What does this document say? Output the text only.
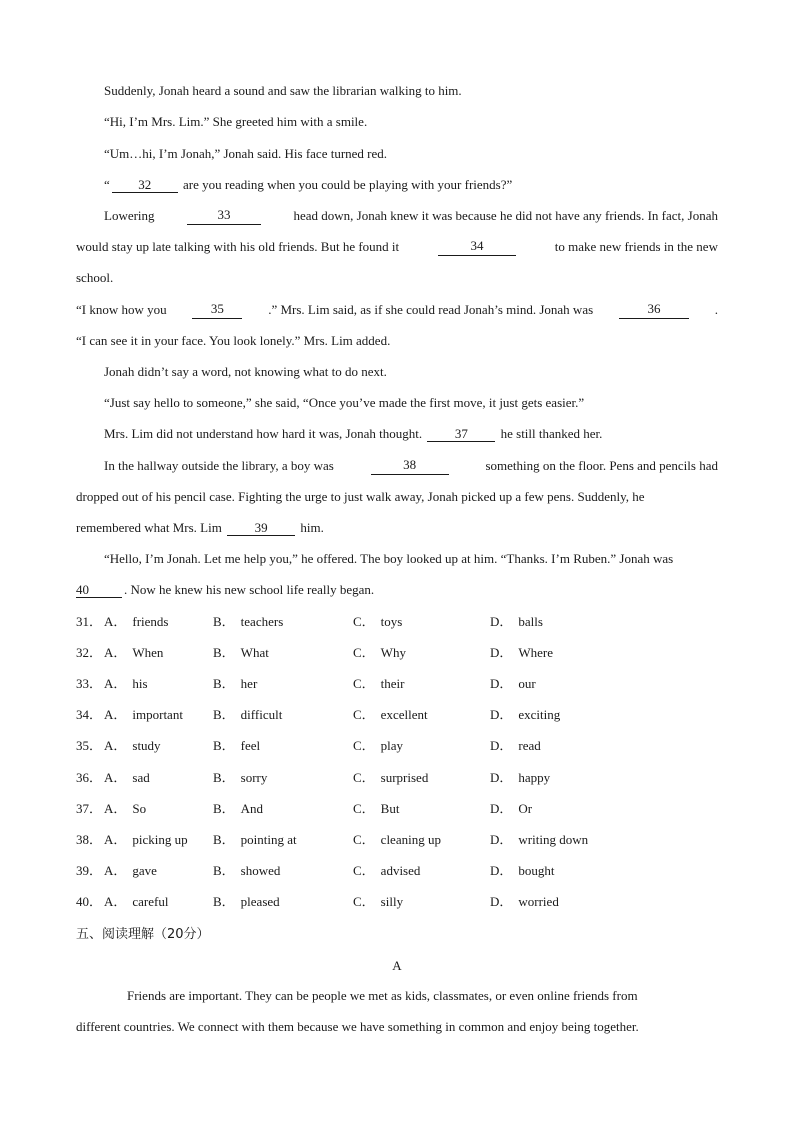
Suddenly, Jonah heard a sound and saw the librarian walking to him.
“Hi, I’m Mrs. Lim.” She greeted him with a smile.
“Um…hi, I’m Jonah,” Jonah said. His face turned red.
“ 32 are you reading when you could be playing with your friends?”
Lowering	33	head down, Jonah knew it was because he did not have any friends. In fact, Jonah
would stay up late talking with his old friends. But he found it	34	to make new friends in the new
school.
“I know how you	35	.” Mrs. Lim said, as if she could read Jonah’s mind. Jonah was	36	.
“I can see it in your face. You look lonely.” Mrs. Lim added.
Jonah didn’t say a word, not knowing what to do next.
“Just say hello to someone,” she said, “Once you’ve made the first move, it just gets easier.”
Mrs. Lim did not understand how hard it was, Jonah thought.	37	he still thanked her.
In the hallway outside the library, a boy was	38	something on the floor. Pens and pencils had
dropped out of his pencil case. Fighting the urge to just walk away, Jonah picked up a few pens. Suddenly, he
remembered what Mrs. Lim	39	him.
“Hello, I’m Jonah. Let me help you,” he offered. The boy looked up at him. “Thanks. I’m Ruben.” Jonah was
40	. Now he knew his new school life really began.
31． A． friends	B． teachers	C． toys	D． balls
32． A． When	B． What	C． Why	D． Where
33． A． his	B． her	C． their	D． our
34． A． important B． difficult	C． excellent	D． exciting
35． A． study	B． feel	C． play	D． read
36． A． sad	B． sorry	C． surprised	D． happy
37． A． So	B． And	C． But	D． Or
38． A． picking up B． pointing at	C． cleaning up	D． writing down
39． A． gave	B． showed	C． advised	D． bought
40． A． careful	B． pleased	C． silly	D． worried
五、阅读理解（20分）
A
Friends are important. They can be people we met as kids, classmates, or even online friends from
different countries. We connect with them because we have something in common and enjoy being together.
